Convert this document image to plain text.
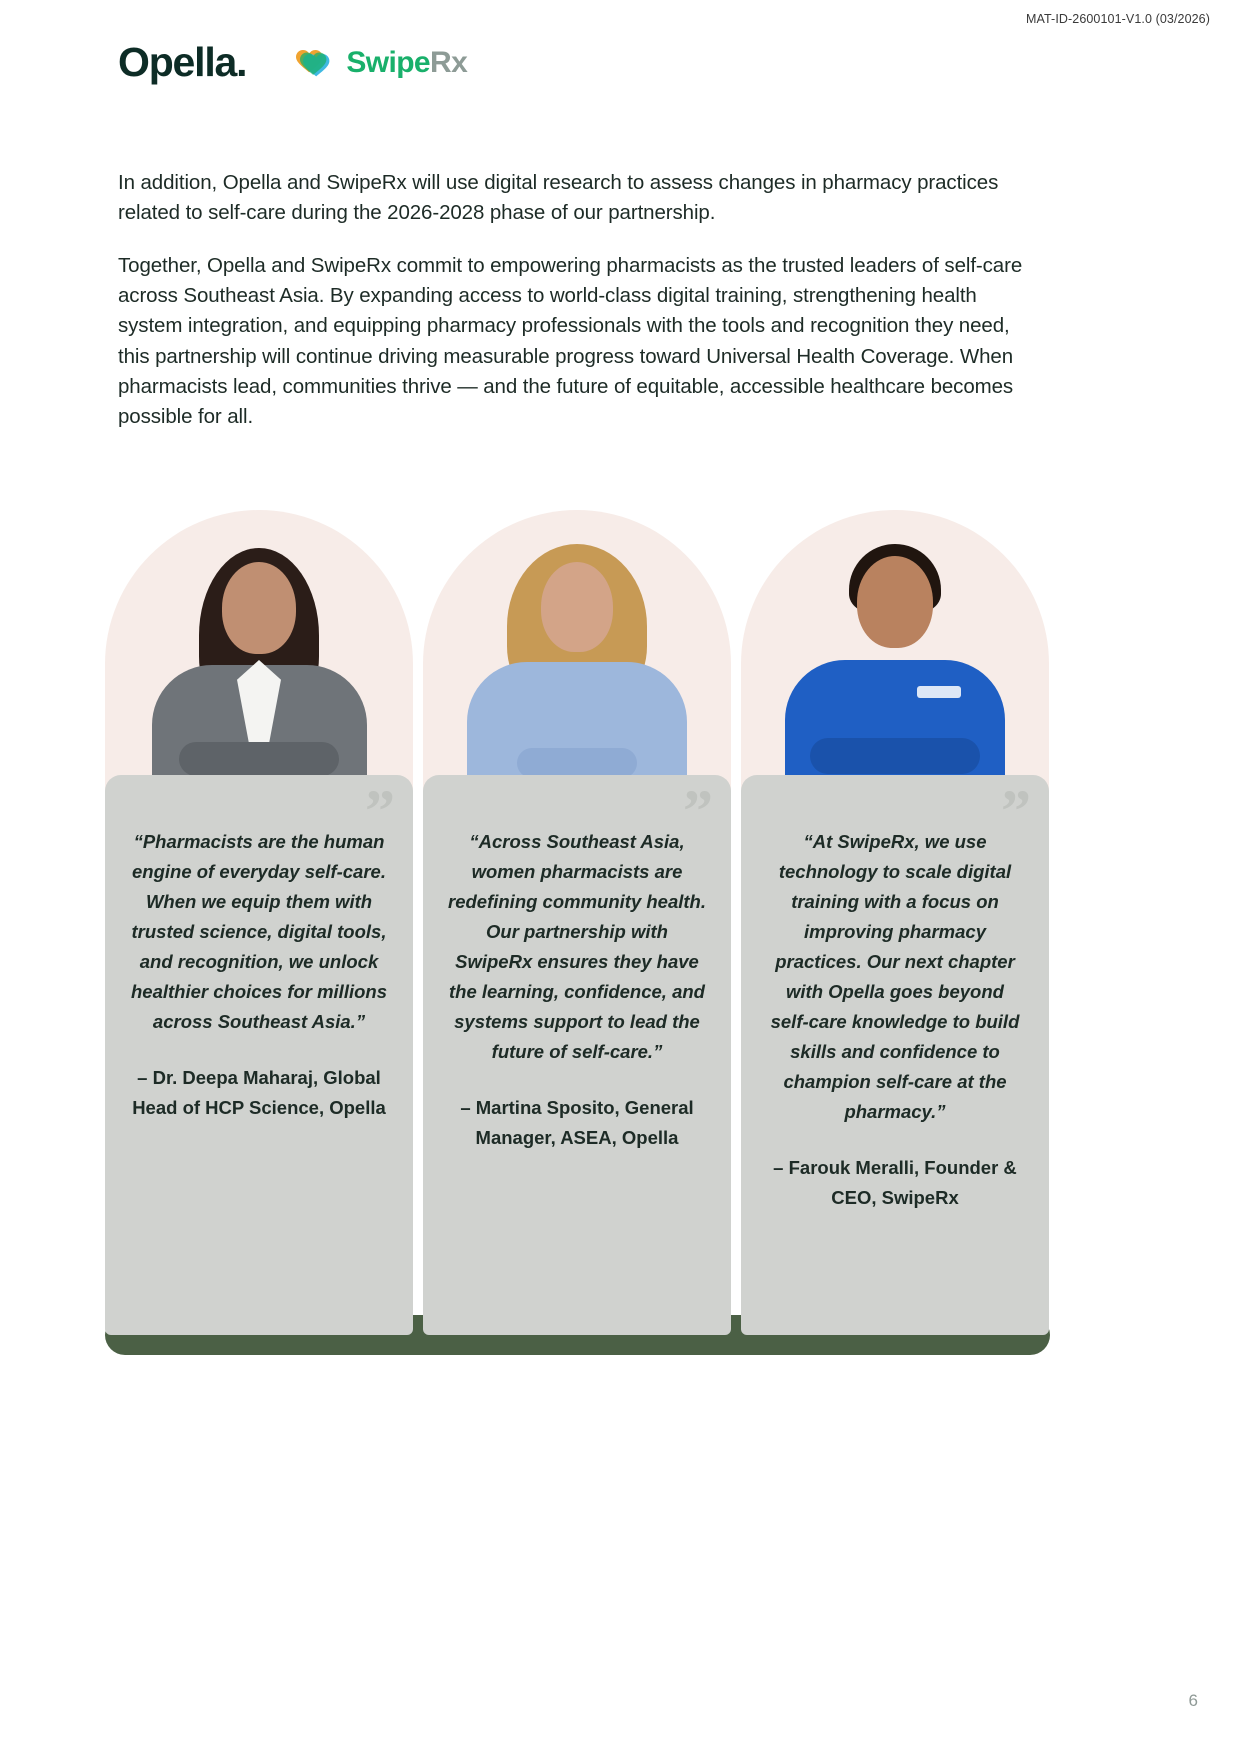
MAT-ID-2600101-V1.0 (03/2026)
Opella.	SwipeRx

In addition, Opella and SwipeRx will use digital research to assess changes in pharmacy practices related to self-care during the 2026-2028 phase of our partnership.

Together, Opella and SwipeRx commit to empowering pharmacists as the trusted leaders of self-care across Southeast Asia. By expanding access to world-class digital training, strengthening health system integration, and equipping pharmacy professionals with the tools and recognition they need, this partnership will continue driving measurable progress toward Universal Health Coverage. When pharmacists lead, communities thrive — and the future of equitable, accessible healthcare becomes possible for all.

”
“Pharmacists are the human engine of everyday self-care. When we equip them with trusted science, digital tools, and recognition, we unlock healthier choices for millions across Southeast Asia.”
– Dr. Deepa Maharaj, Global Head of HCP Science, Opella
”
“Across Southeast Asia, women pharmacists are redefining community health. Our partnership with SwipeRx ensures they have the learning, confidence, and systems support to lead the future of self-care.”
– Martina Sposito, General Manager, ASEA, Opella
”
“At SwipeRx, we use technology to scale digital training with a focus on improving pharmacy practices. Our next chapter with Opella goes beyond self-care knowledge to build skills and confidence to champion self-care at the pharmacy.”
– Farouk Meralli, Founder & CEO, SwipeRx
6
